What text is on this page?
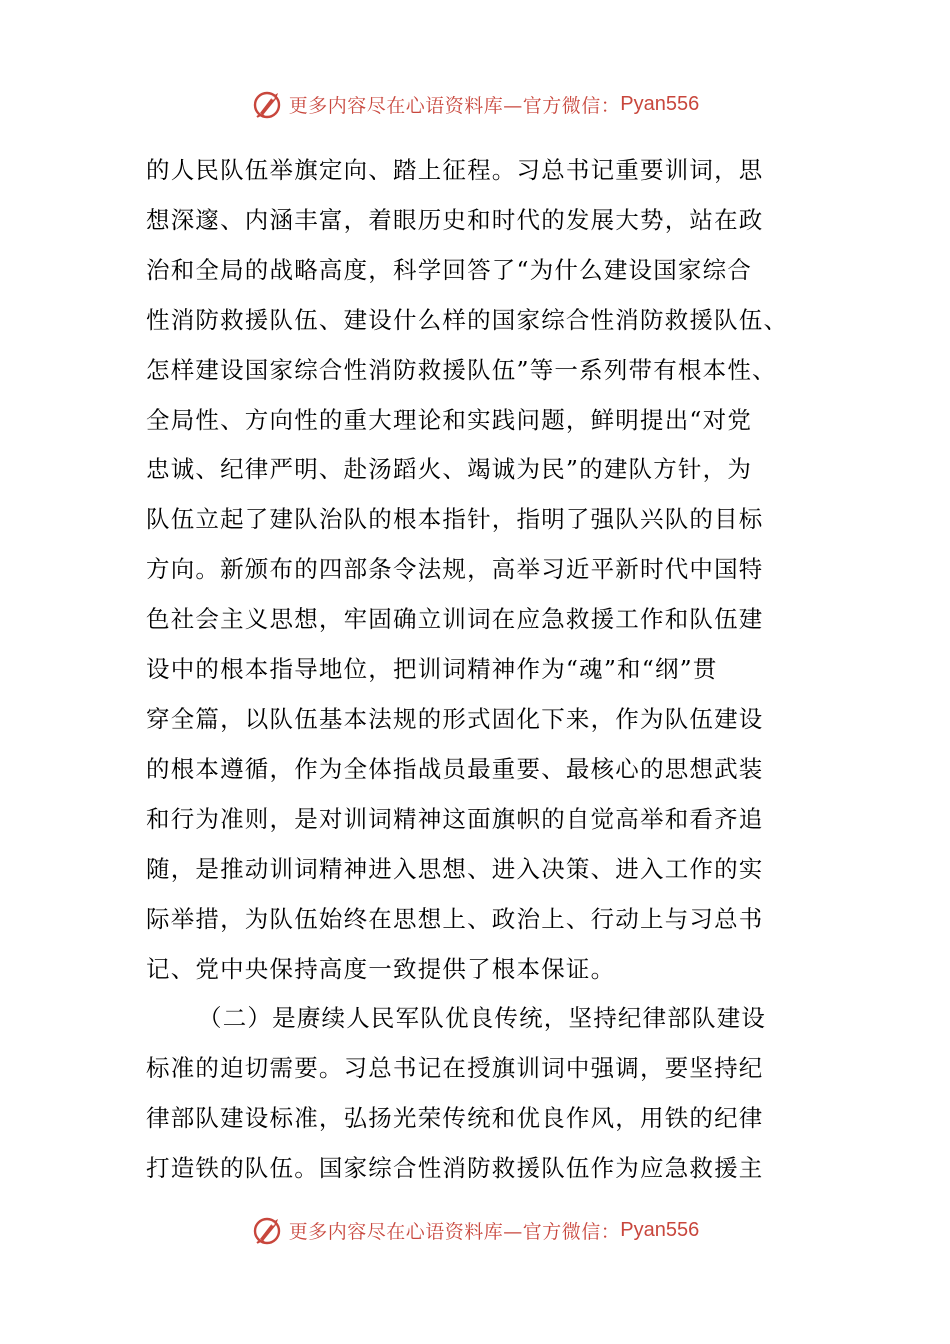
更多内容尽在心语资料库— 官方微信： Pyan556
的人民队伍举旗定向、踏上征程。习总书记重要训词，思
想深邃、内涵丰富，着眼历史和时代的发展大势，站在政
治和全局的战略高度，科学回答了“为什么建设国家综合
性消防救援队伍、建设什么样的国家综合性消防救援队伍、
怎样建设国家综合性消防救援队伍”等一系列带有根本性、
全局性、方向性的重大理论和实践问题，鲜明提出“对党
忠诚、纪律严明、赴汤蹈火、竭诚为民”的建队方针，为
队伍立起了建队治队的根本指针，指明了强队兴队的目标
方向。新颁布的四部条令法规，高举习近平新时代中国特
色社会主义思想，牢固确立训词在应急救援工作和队伍建
设中的根本指导地位，把训词精神作为“魂”和“纲”贯
穿全篇，以队伍基本法规的形式固化下来，作为队伍建设
的根本遵循，作为全体指战员最重要、最核心的思想武装
和行为准则，是对训词精神这面旗帜的自觉高举和看齐追
随，是推动训词精神进入思想、进入决策、进入工作的实
际举措，为队伍始终在思想上、政治上、行动上与习总书
记、党中央保持高度一致提供了根本保证。
（二）是赓续人民军队优良传统，坚持纪律部队建设
标准的迫切需要。习总书记在授旗训词中强调，要坚持纪
律部队建设标准，弘扬光荣传统和优良作风，用铁的纪律
打造铁的队伍。国家综合性消防救援队伍作为应急救援主
更多内容尽在心语资料库— 官方微信： Pyan556
